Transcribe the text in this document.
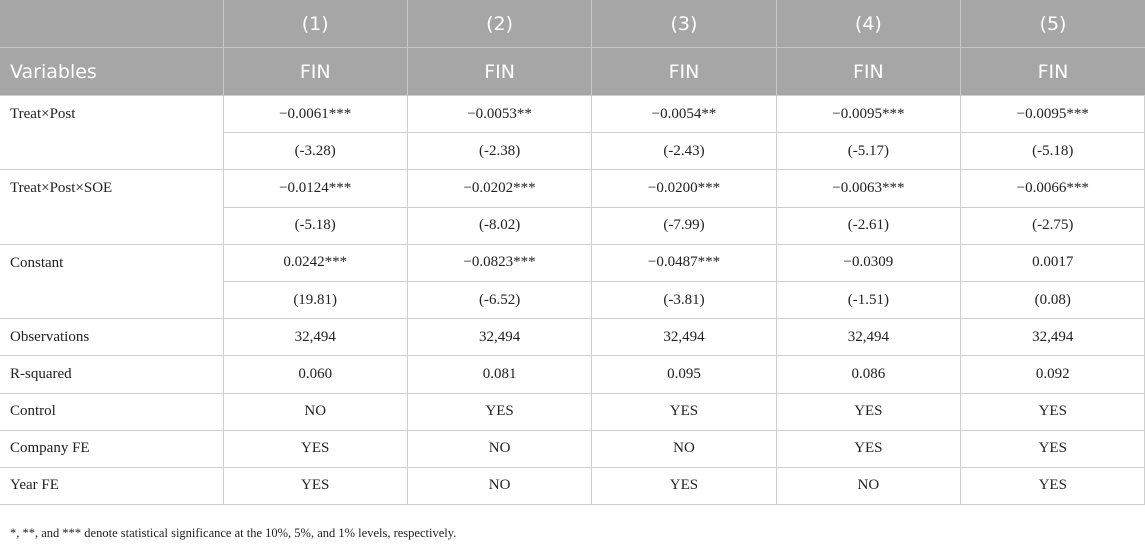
	(1)	(2)	(3)	(4)	(5)
Variables	FIN	FIN	FIN	FIN	FIN
Treat×Post	−0.0061***	−0.0053**	−0.0054**	−0.0095***	−0.0095***
	(-3.28)	(-2.38)	(-2.43)	(-5.17)	(-5.18)
Treat×Post×SOE	−0.0124***	−0.0202***	−0.0200***	−0.0063***	−0.0066***
	(-5.18)	(-8.02)	(-7.99)	(-2.61)	(-2.75)
Constant	0.0242***	−0.0823***	−0.0487***	−0.0309	0.0017
	(19.81)	(-6.52)	(-3.81)	(-1.51)	(0.08)
Observations	32,494	32,494	32,494	32,494	32,494
R-squared	0.060	0.081	0.095	0.086	0.092
Control	NO	YES	YES	YES	YES
Company FE	YES	NO	NO	YES	YES
Year FE	YES	NO	YES	NO	YES
*, **, and *** denote statistical significance at the 10%, 5%, and 1% levels, respectively.
